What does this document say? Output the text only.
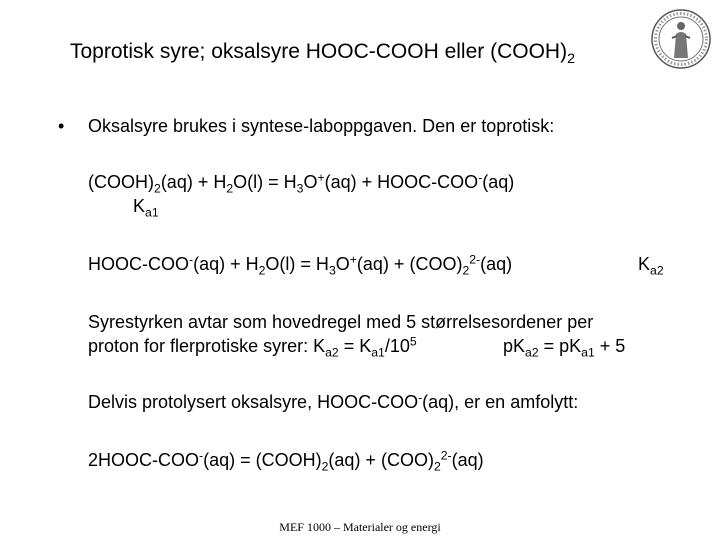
Toprotisk syre; oksalsyre HOOC-COOH eller $(COOH)_2$
• Oksalsyre brukes i syntese-laboppgaven. Den er toprotisk:
$(COOH)_2(aq) + H_2O(l) = H_3O^+(aq)$ + HOOC-COO-(aq)
$K_{a1}$
HOOC-COO-(aq) + $H_2O(l) = H_3O^+(aq) + (COO)_2^{2-}(aq)$	$K_{a2}$
Syrestyrken avtar som hovedregel med 5 størrelsesordener per
proton for flerprotiske syrer: $K_{a2} = K_{a1}/10^5$	$pK_{a2} = pK_{a1} + 5$
Delvis protolysert oksalsyre, HOOC-COO-(aq), er en amfolytt:
2HOOC-COO-(aq) = $(COOH)_2(aq) + (COO)_2^{2-}(aq)$
MEF 1000 – Materialer og energi
